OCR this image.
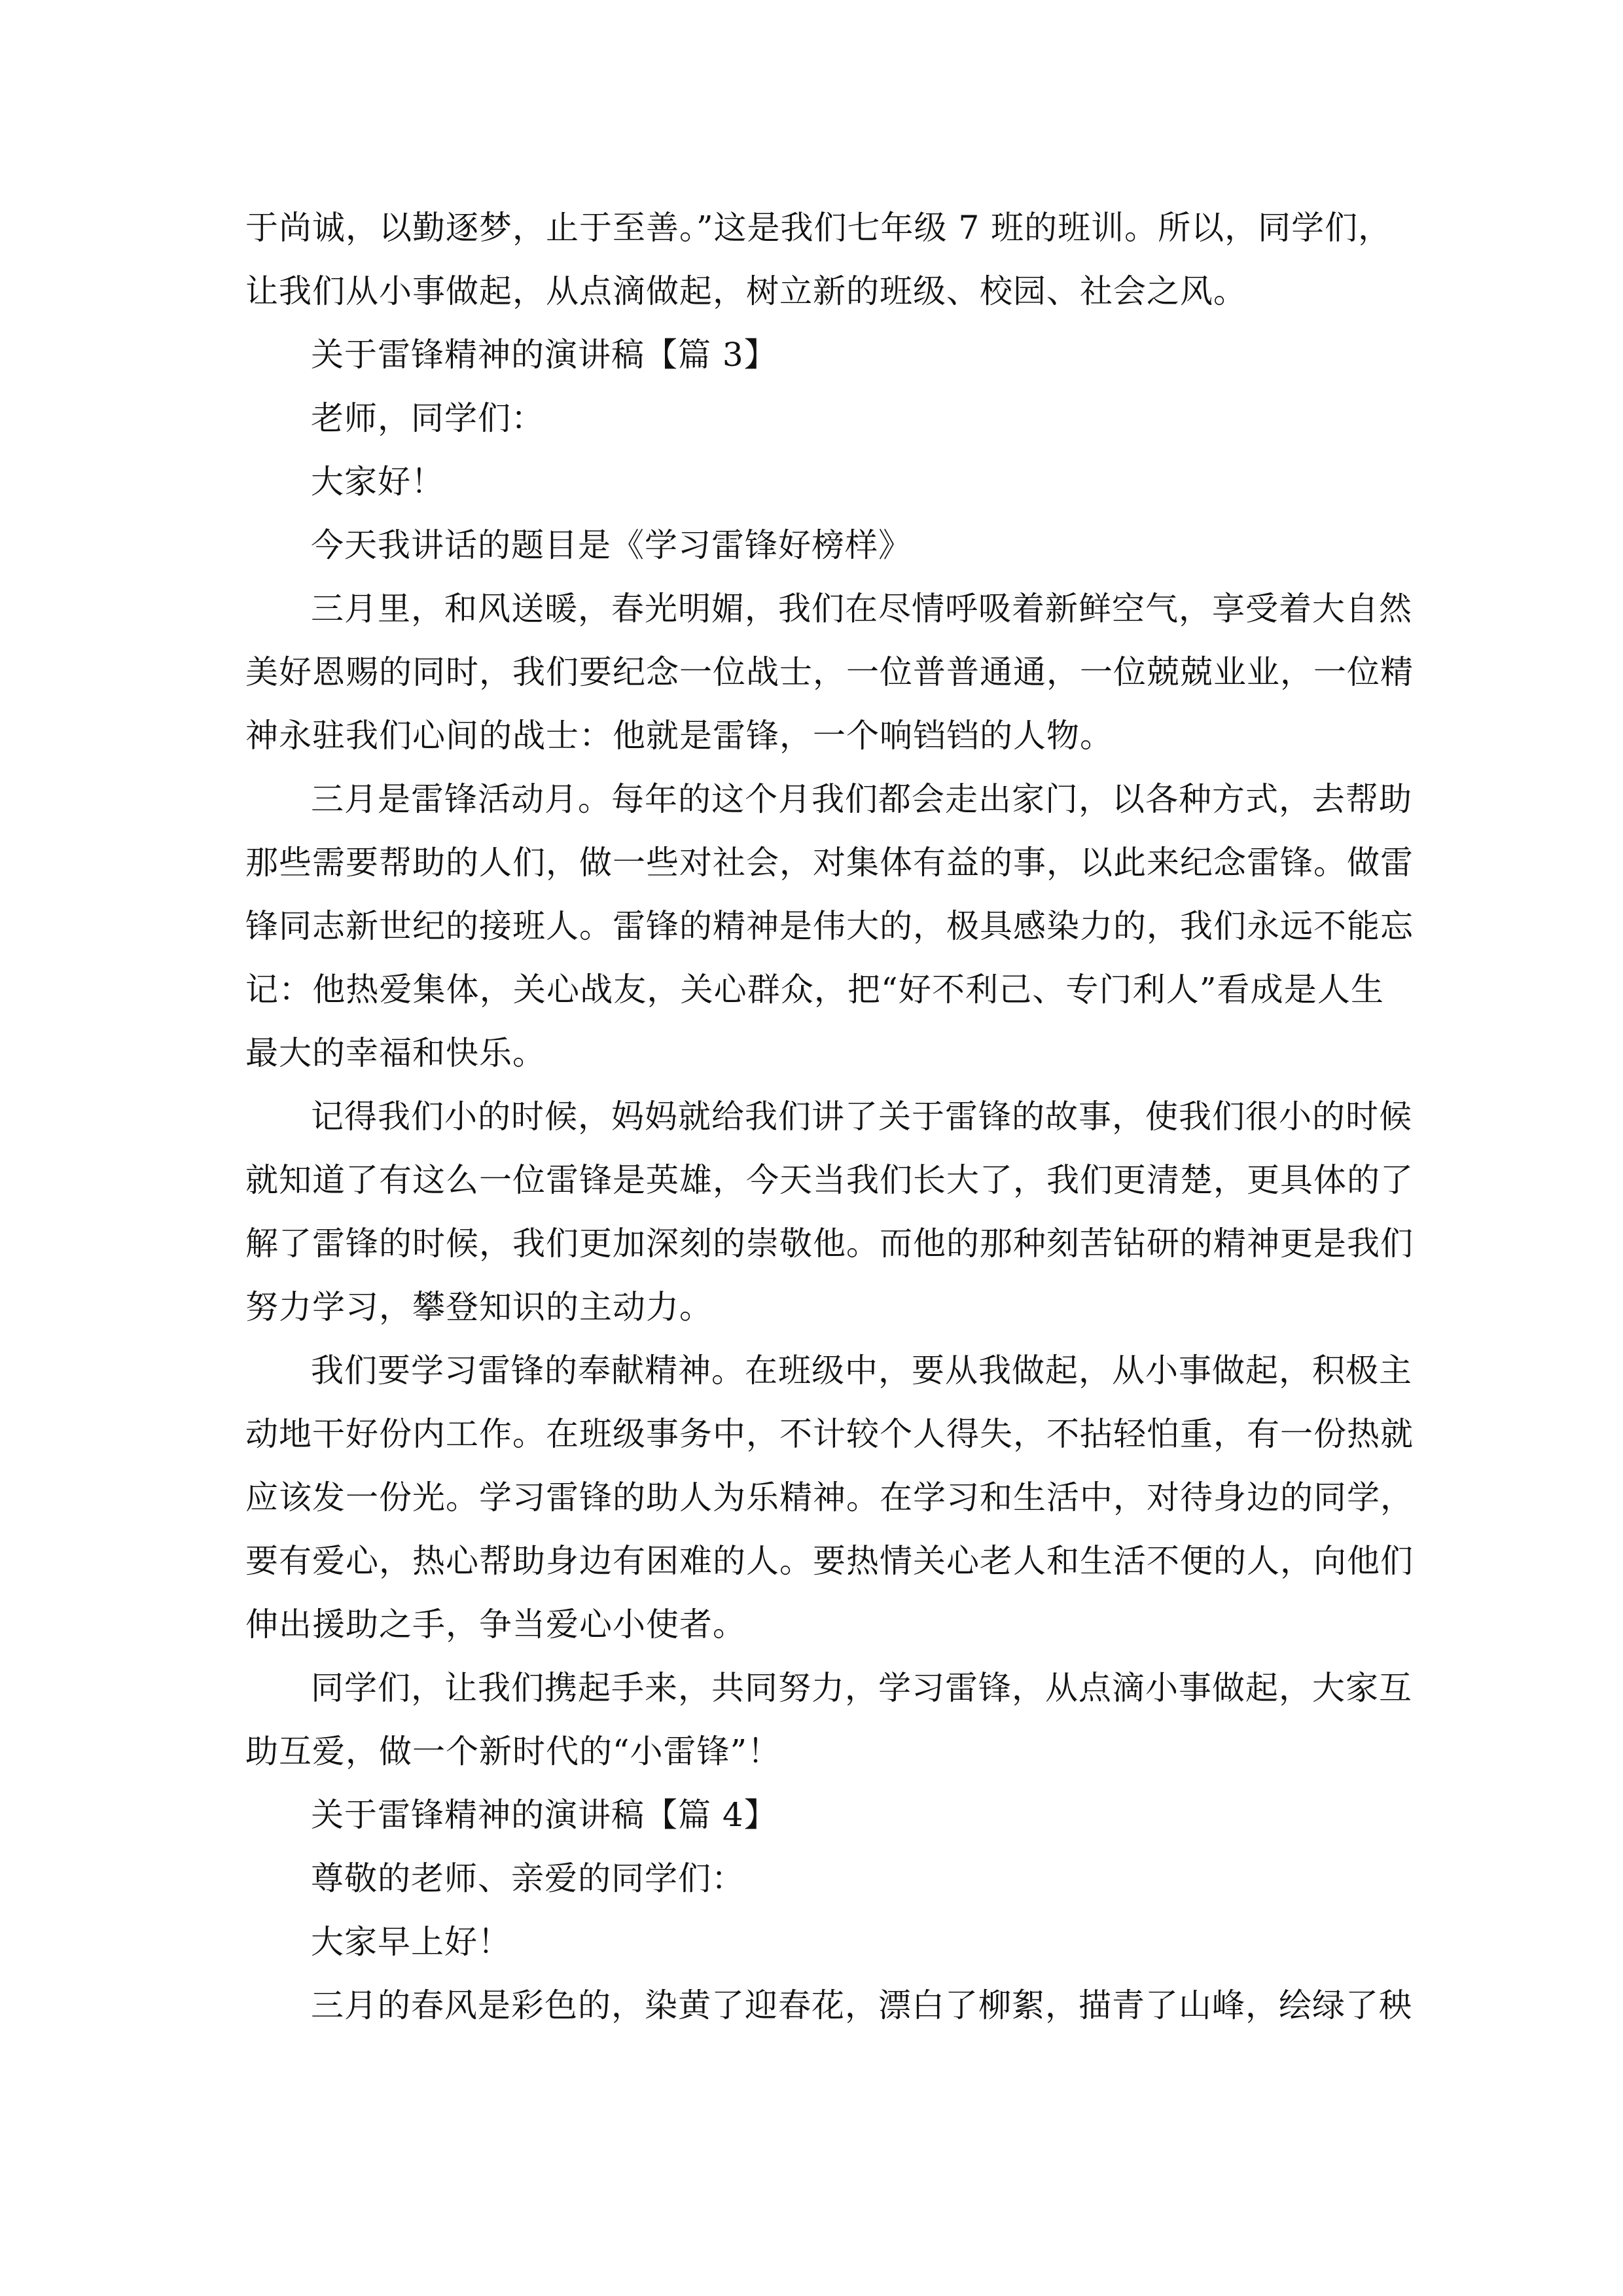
于尚诚，以勤逐梦，止于至善。”这是我们七年级 7 班的班训。所以，同学们，
让我们从小事做起，从点滴做起，树立新的班级、校园、社会之风。
关于雷锋精神的演讲稿【篇 3】
老师，同学们：
大家好！
今天我讲话的题目是《学习雷锋好榜样》
三月里，和风送暖，春光明媚，我们在尽情呼吸着新鲜空气，享受着大自然
美好恩赐的同时，我们要纪念一位战士，一位普普通通，一位兢兢业业，一位精
神永驻我们心间的战士：他就是雷锋，一个响铛铛的人物。
三月是雷锋活动月。每年的这个月我们都会走出家门，以各种方式，去帮助
那些需要帮助的人们，做一些对社会，对集体有益的事，以此来纪念雷锋。做雷
锋同志新世纪的接班人。雷锋的精神是伟大的，极具感染力的，我们永远不能忘
记：他热爱集体，关心战友，关心群众，把“好不利己、专门利人”看成是人生
最大的幸福和快乐。
记得我们小的时候，妈妈就给我们讲了关于雷锋的故事，使我们很小的时候
就知道了有这么一位雷锋是英雄，今天当我们长大了，我们更清楚，更具体的了
解了雷锋的时候，我们更加深刻的崇敬他。而他的那种刻苦钻研的精神更是我们
努力学习，攀登知识的主动力。
我们要学习雷锋的奉献精神。在班级中，要从我做起，从小事做起，积极主
动地干好份内工作。在班级事务中，不计较个人得失，不拈轻怕重，有一份热就
应该发一份光。学习雷锋的助人为乐精神。在学习和生活中，对待身边的同学，
要有爱心，热心帮助身边有困难的人。要热情关心老人和生活不便的人，向他们
伸出援助之手，争当爱心小使者。
同学们，让我们携起手来，共同努力，学习雷锋，从点滴小事做起，大家互
助互爱，做一个新时代的“小雷锋”！
关于雷锋精神的演讲稿【篇 4】
尊敬的老师、亲爱的同学们：
大家早上好！
三月的春风是彩色的，染黄了迎春花，漂白了柳絮，描青了山峰，绘绿了秧
